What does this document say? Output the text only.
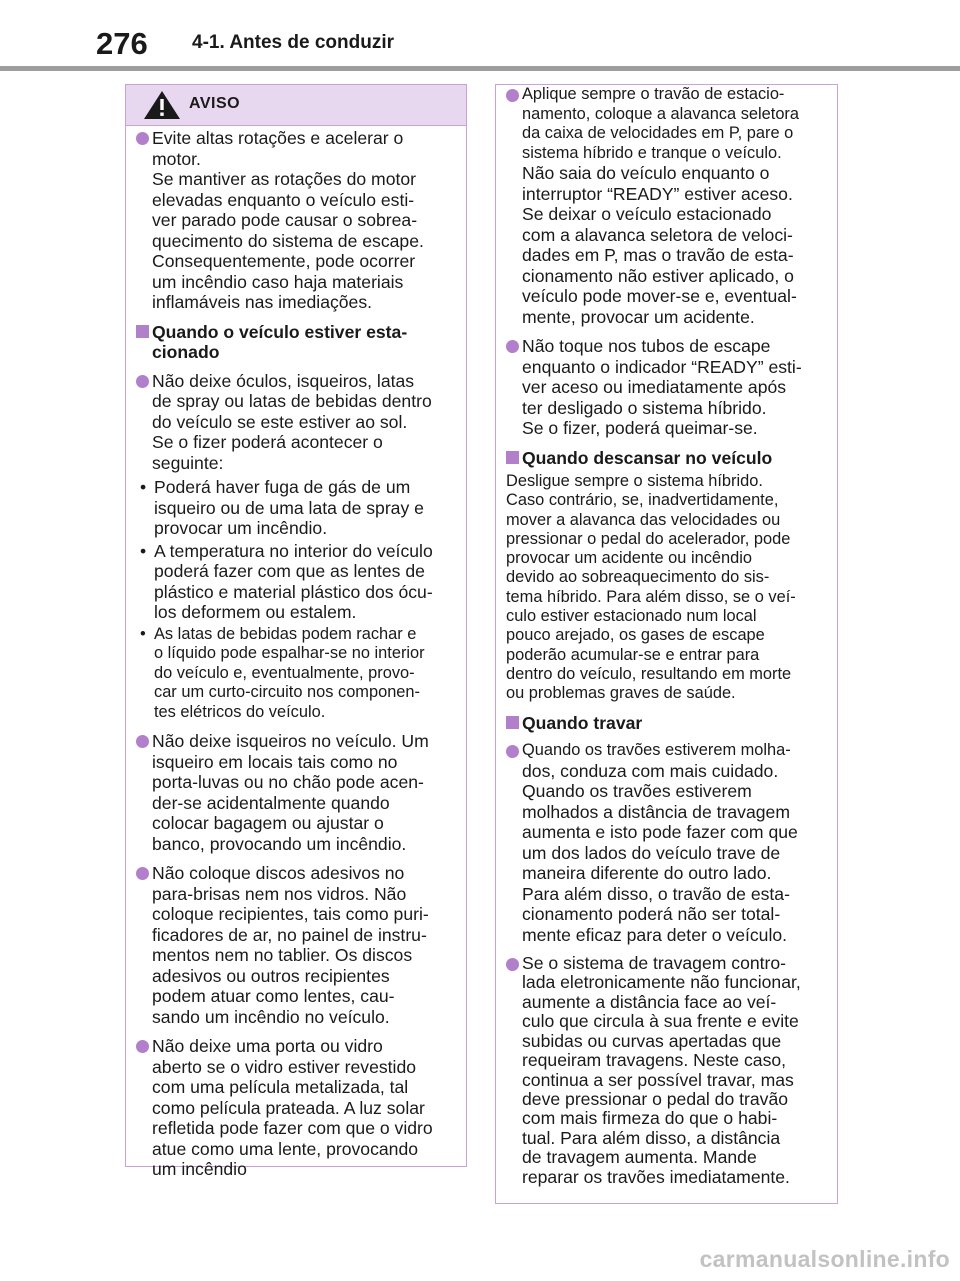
276 4-1. Antes de conduzir
AVISO
Evite altas rotações e acelerar o
motor.
Se mantiver as rotações do motor
elevadas enquanto o veículo esti-
ver parado pode causar o sobrea-
quecimento do sistema de escape.
Consequentemente, pode ocorrer
um incêndio caso haja materiais
inflamáveis nas imediações.
Quando o veículo estiver esta-
cionado
Não deixe óculos, isqueiros, latas
de spray ou latas de bebidas dentro
do veículo se este estiver ao sol.
Se o fizer poderá acontecer o
seguinte:
• Poderá haver fuga de gás de um
isqueiro ou de uma lata de spray e
provocar um incêndio.
• A temperatura no interior do veículo
poderá fazer com que as lentes de
plástico e material plástico dos ócu-
los deformem ou estalem.
• As latas de bebidas podem rachar e
o líquido pode espalhar-se no interior
do veículo e, eventualmente, provo-
car um curto-circuito nos componen-
tes elétricos do veículo.
Não deixe isqueiros no veículo. Um
isqueiro em locais tais como no
porta-luvas ou no chão pode acen-
der-se acidentalmente quando
colocar bagagem ou ajustar o
banco, provocando um incêndio.
Não coloque discos adesivos no
para-brisas nem nos vidros. Não
coloque recipientes, tais como puri-
ficadores de ar, no painel de instru-
mentos nem no tablier. Os discos
adesivos ou outros recipientes
podem atuar como lentes, cau-
sando um incêndio no veículo.
Não deixe uma porta ou vidro
aberto se o vidro estiver revestido
com uma película metalizada, tal
como película prateada. A luz solar
refletida pode fazer com que o vidro
atue como uma lente, provocando
um incêndio
Aplique sempre o travão de estacio-
namento, coloque a alavanca seletora
da caixa de velocidades em P, pare o
sistema híbrido e tranque o veículo.
Não saia do veículo enquanto o
interruptor “READY” estiver aceso.
Se deixar o veículo estacionado
com a alavanca seletora de veloci-
dades em P, mas o travão de esta-
cionamento não estiver aplicado, o
veículo pode mover-se e, eventual-
mente, provocar um acidente.
Não toque nos tubos de escape
enquanto o indicador “READY” esti-
ver aceso ou imediatamente após
ter desligado o sistema híbrido.
Se o fizer, poderá queimar-se.
Quando descansar no veículo
Desligue sempre o sistema híbrido.
Caso contrário, se, inadvertidamente,
mover a alavanca das velocidades ou
pressionar o pedal do acelerador, pode
provocar um acidente ou incêndio
devido ao sobreaquecimento do sis-
tema híbrido. Para além disso, se o veí-
culo estiver estacionado num local
pouco arejado, os gases de escape
poderão acumular-se e entrar para
dentro do veículo, resultando em morte
ou problemas graves de saúde.
Quando travar
Quando os travões estiverem molha-
dos, conduza com mais cuidado.
Quando os travões estiverem
molhados a distância de travagem
aumenta e isto pode fazer com que
um dos lados do veículo trave de
maneira diferente do outro lado.
Para além disso, o travão de esta-
cionamento poderá não ser total-
mente eficaz para deter o veículo.
Se o sistema de travagem contro-
lada eletronicamente não funcionar,
aumente a distância face ao veí-
culo que circula à sua frente e evite
subidas ou curvas apertadas que
requeiram travagens. Neste caso,
continua a ser possível travar, mas
deve pressionar o pedal do travão
com mais firmeza do que o habi-
tual. Para além disso, a distância
de travagem aumenta. Mande
reparar os travões imediatamente.
carmanualsonline.info
